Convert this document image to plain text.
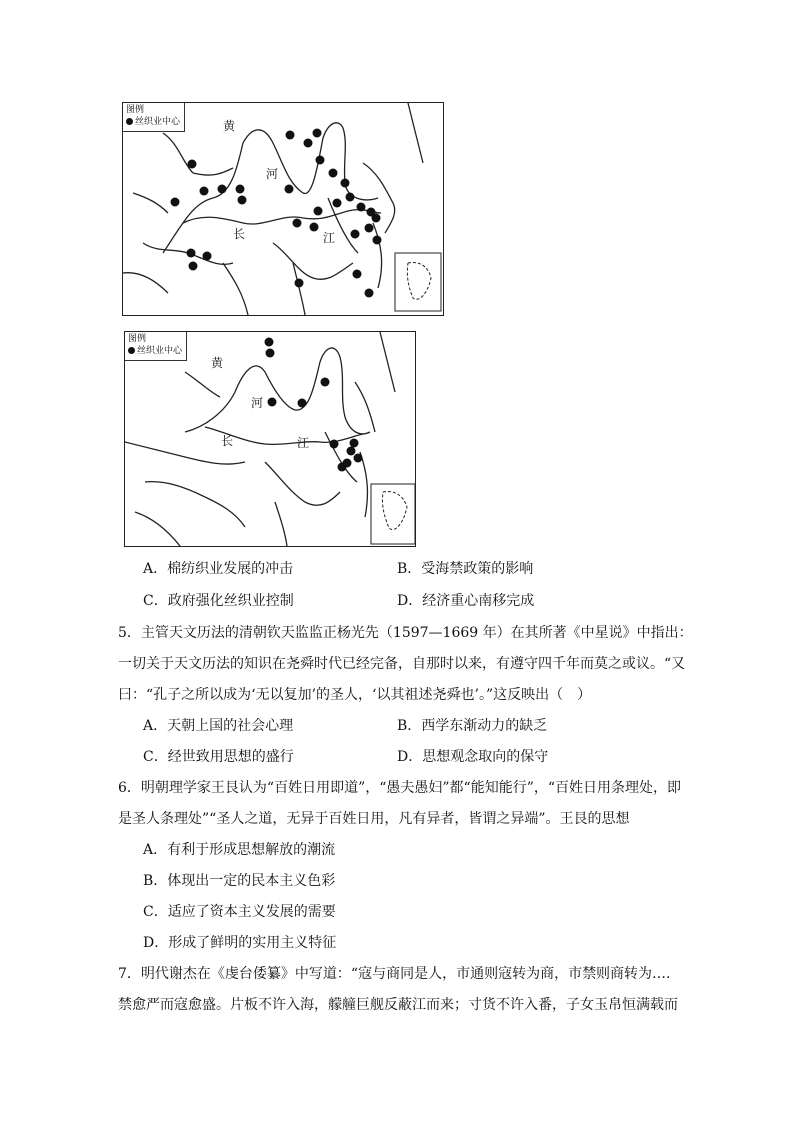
图例
丝织业中心	黄
河
长	江
图例
丝织业中心
黄
河
长	江
A．棉纺织业发展的冲击	B．受海禁政策的影响
C．政府强化丝织业控制	D．经济重心南移完成
5．主管天文历法的清朝钦天监监正杨光先（1597—1669 年）在其所著《中星说》中指出：
一切关于天文历法的知识在尧舜时代已经完备，自那时以来，有遵守四千年而莫之或议。“又
曰：“孔子之所以成为‘无以复加’的圣人，‘以其祖述尧舜也’。”这反映出（　）
A．天朝上国的社会心理	B．西学东渐动力的缺乏
C．经世致用思想的盛行	D．思想观念取向的保守
6．明朝理学家王艮认为“百姓日用即道”，“愚夫愚妇”都“能知能行”，“百姓日用条理处，即
是圣人条理处”“圣人之道，无异于百姓日用，凡有异者，皆谓之异端”。王艮的思想
A．有利于形成思想解放的潮流
B．体现出一定的民本主义色彩
C．适应了资本主义发展的需要
D．形成了鲜明的实用主义特征
7．明代谢杰在《虔台倭纂》中写道：“寇与商同是人，市通则寇转为商，市禁则商转为….
禁愈严而寇愈盛。片板不许入海，艨艟巨舰反蔽江而来；寸货不许入番，子女玉帛恒满载而
